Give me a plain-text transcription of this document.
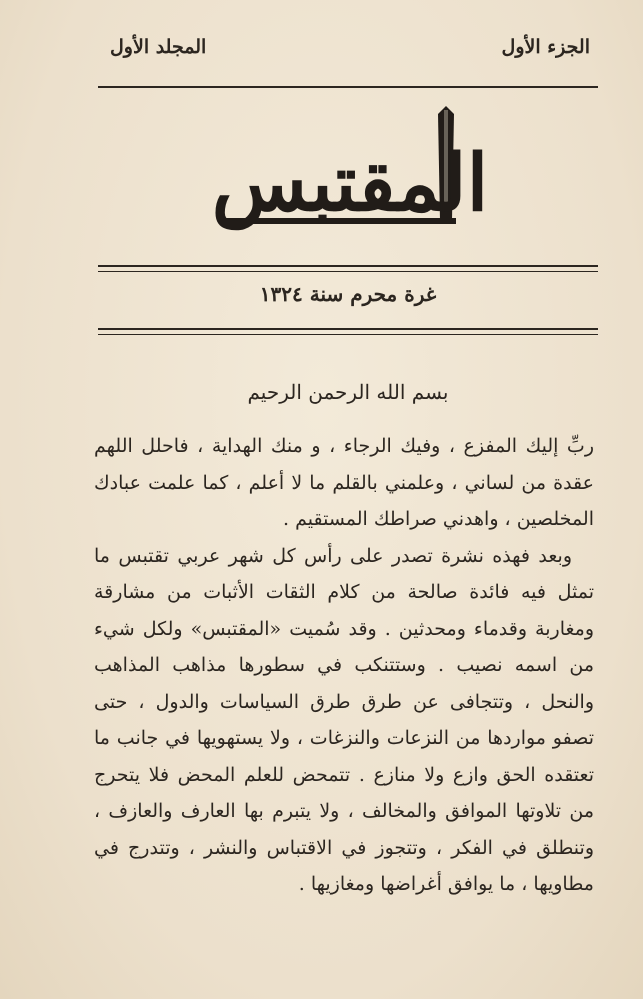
الجزء الأول
المجلد الأول
المقتبس
غرة محرم سنة ١٣٢٤
بسم الله الرحمن الرحيم

ربِّ إليك المفزع ، وفيك الرجاء ، و منك الهداية ، فاحلل اللهم عقدة من لساني ، وعلمني بالقلم ما لا أعلم ، كما علمت عبادك المخلصين ، واهدني صراطك المستقيم .

وبعد فهذه نشرة تصدر على رأس كل شهر عربي تقتبس ما تمثل فيه فائدة صالحة من كلام الثقات الأثبات من مشارقة ومغاربة وقدماء ومحدثين . وقد سُميت «المقتبس» ولكل شيء من اسمه نصيب . وستتنكب في سطورها مذاهب المذاهب والنحل ، وتتجافى عن طرق طرق السياسات والدول ، حتى تصفو مواردها من النزعات والنزغات ، ولا يستهويها في جانب ما تعتقده الحق وازع ولا منازع . تتمحض للعلم المحض فلا يتحرج من تلاوتها الموافق والمخالف ، ولا يتبرم بها العارف والعازف ، وتنطلق في الفكر ، وتتجوز في الاقتباس والنشر ، وتتدرج في مطاويها ، ما يوافق أغراضها ومغازيها .
